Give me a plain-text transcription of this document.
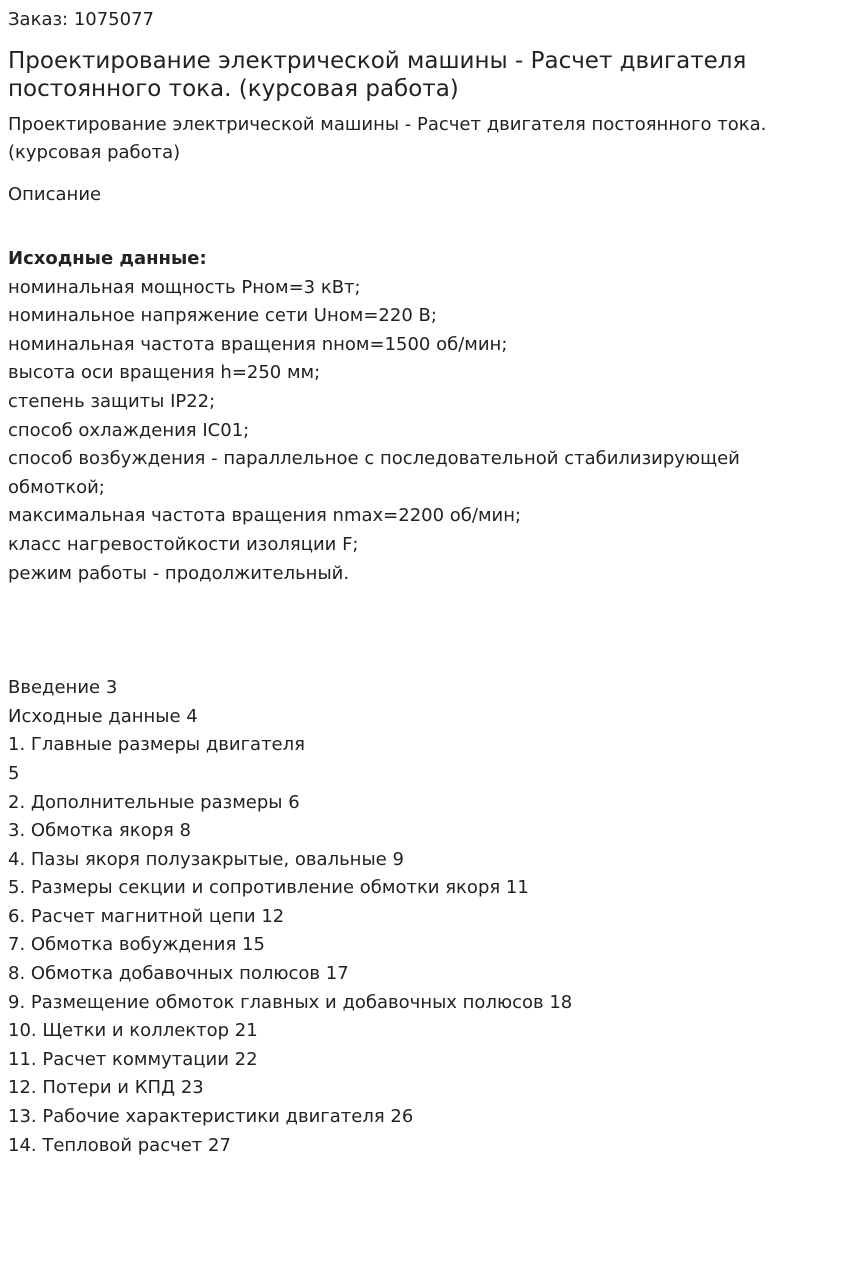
Заказ: 1075077
Проектирование электрической машины - Расчет двигателя постоянного тока. (курсовая работа)
Проектирование электрической машины - Расчет двигателя постоянного тока. (курсовая работа)
Описание
Исходные данные:
номинальная мощность Pном=3 кВт;
номинальное напряжение сети Uном=220 В;
номинальная частота вращения nном=1500 об/мин;
высота оси вращения h=250 мм;
степень защиты IP22;
способ охлаждения IC01;
способ возбуждения - параллельное с последовательной стабилизирующей обмоткой;
максимальная частота вращения nmax=2200 об/мин;
класс нагревостойкости изоляции F;
режим работы - продолжительный.
Введение 3
Исходные данные 4
1. Главные размеры двигателя
5
2. Дополнительные размеры 6
3. Обмотка якоря 8
4. Пазы якоря полузакрытые, овальные 9
5. Размеры секции и сопротивление обмотки якоря 11
6. Расчет магнитной цепи 12
7. Обмотка вобуждения 15
8. Обмотка добавочных полюсов 17
9. Размещение обмоток главных и добавочных полюсов 18
10. Щетки и коллектор 21
11. Расчет коммутации 22
12. Потери и КПД 23
13. Рабочие характеристики двигателя 26
14. Тепловой расчет 27
